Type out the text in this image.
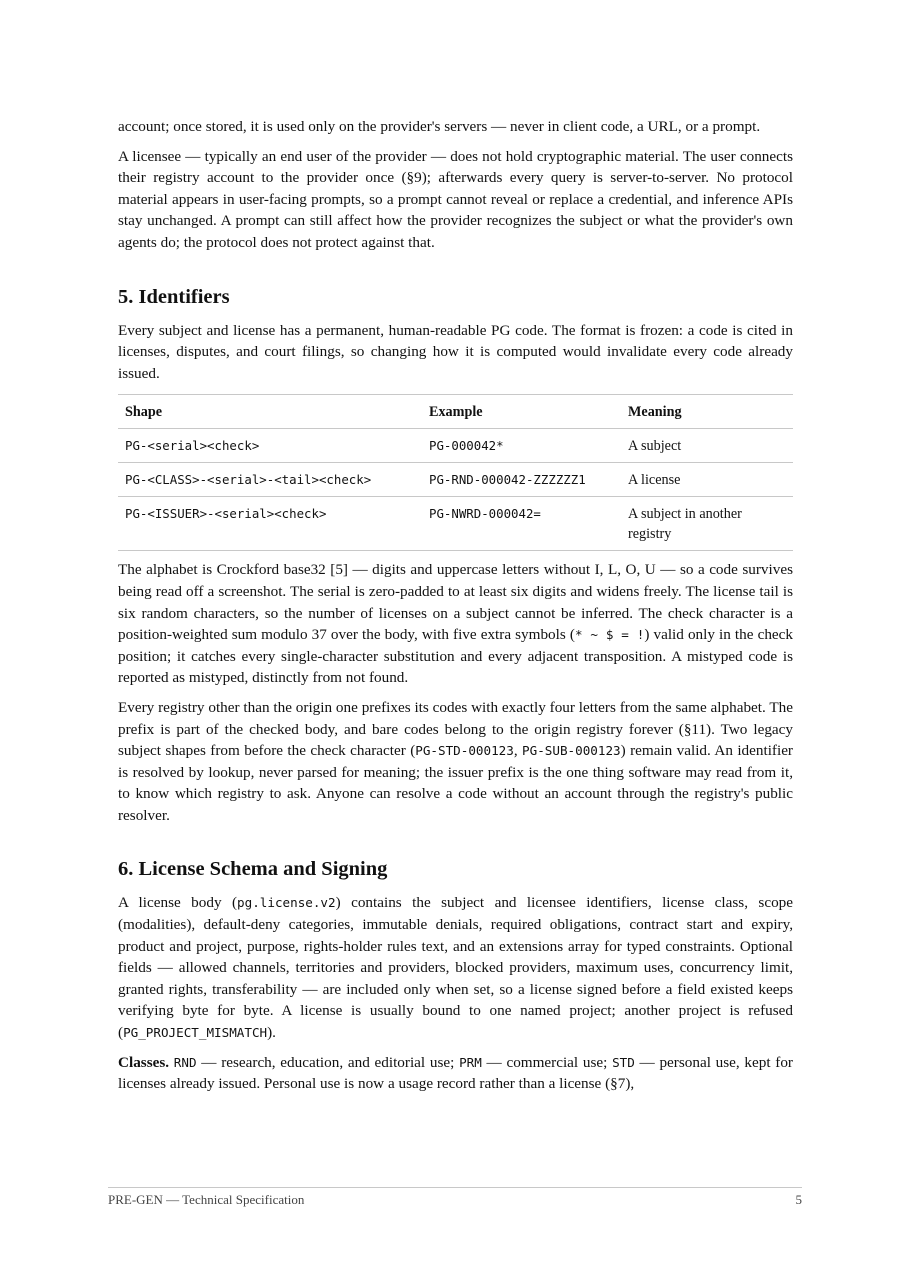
account; once stored, it is used only on the provider's servers — never in client code, a URL, or a prompt.

A licensee — typically an end user of the provider — does not hold cryptographic material. The user connects their registry account to the provider once (§9); afterwards every query is server-to-server. No protocol material appears in user-facing prompts, so a prompt cannot reveal or replace a credential, and inference APIs stay unchanged. A prompt can still affect how the provider recognizes the subject or what the provider's own agents do; the protocol does not protect against that.

5. Identifiers

Every subject and license has a permanent, human-readable PG code. The format is frozen: a code is cited in licenses, disputes, and court filings, so changing how it is computed would invalidate every code already issued.

Shape	Example	Meaning
PG-<serial><check>	PG-000042*	A subject
PG-<CLASS>-<serial>-<tail><check>	PG-RND-000042-ZZZZZZ1	A license
PG-<ISSUER>-<serial><check>	PG-NWRD-000042=	A subject in another registry

The alphabet is Crockford base32 [5] — digits and uppercase letters without I, L, O, U — so a code survives being read off a screenshot. The serial is zero-padded to at least six digits and widens freely. The license tail is six random characters, so the number of licenses on a subject cannot be inferred. The check character is a position-weighted sum modulo 37 over the body, with five extra symbols (* ~ $ = !) valid only in the check position; it catches every single-character substitution and every adjacent transposition. A mistyped code is reported as mistyped, distinctly from not found.

Every registry other than the origin one prefixes its codes with exactly four letters from the same alphabet. The prefix is part of the checked body, and bare codes belong to the origin registry forever (§11). Two legacy subject shapes from before the check character (PG-STD-000123, PG-SUB-000123) remain valid. An identifier is resolved by lookup, never parsed for meaning; the issuer prefix is the one thing software may read from it, to know which registry to ask. Anyone can resolve a code without an account through the registry's public resolver.

6. License Schema and Signing

A license body (pg.license.v2) contains the subject and licensee identifiers, license class, scope (modalities), default-deny categories, immutable denials, required obligations, contract start and expiry, product and project, purpose, rights-holder rules text, and an extensions array for typed constraints. Optional fields — allowed channels, territories and providers, blocked providers, maximum uses, concurrency limit, granted rights, transferability — are included only when set, so a license signed before a field existed keeps verifying byte for byte. A license is usually bound to one named project; another project is refused (PG_PROJECT_MISMATCH).

Classes. RND — research, education, and editorial use; PRM — commercial use; STD — personal use, kept for licenses already issued. Personal use is now a usage record rather than a license (§7),

PRE-GEN — Technical Specification	5
